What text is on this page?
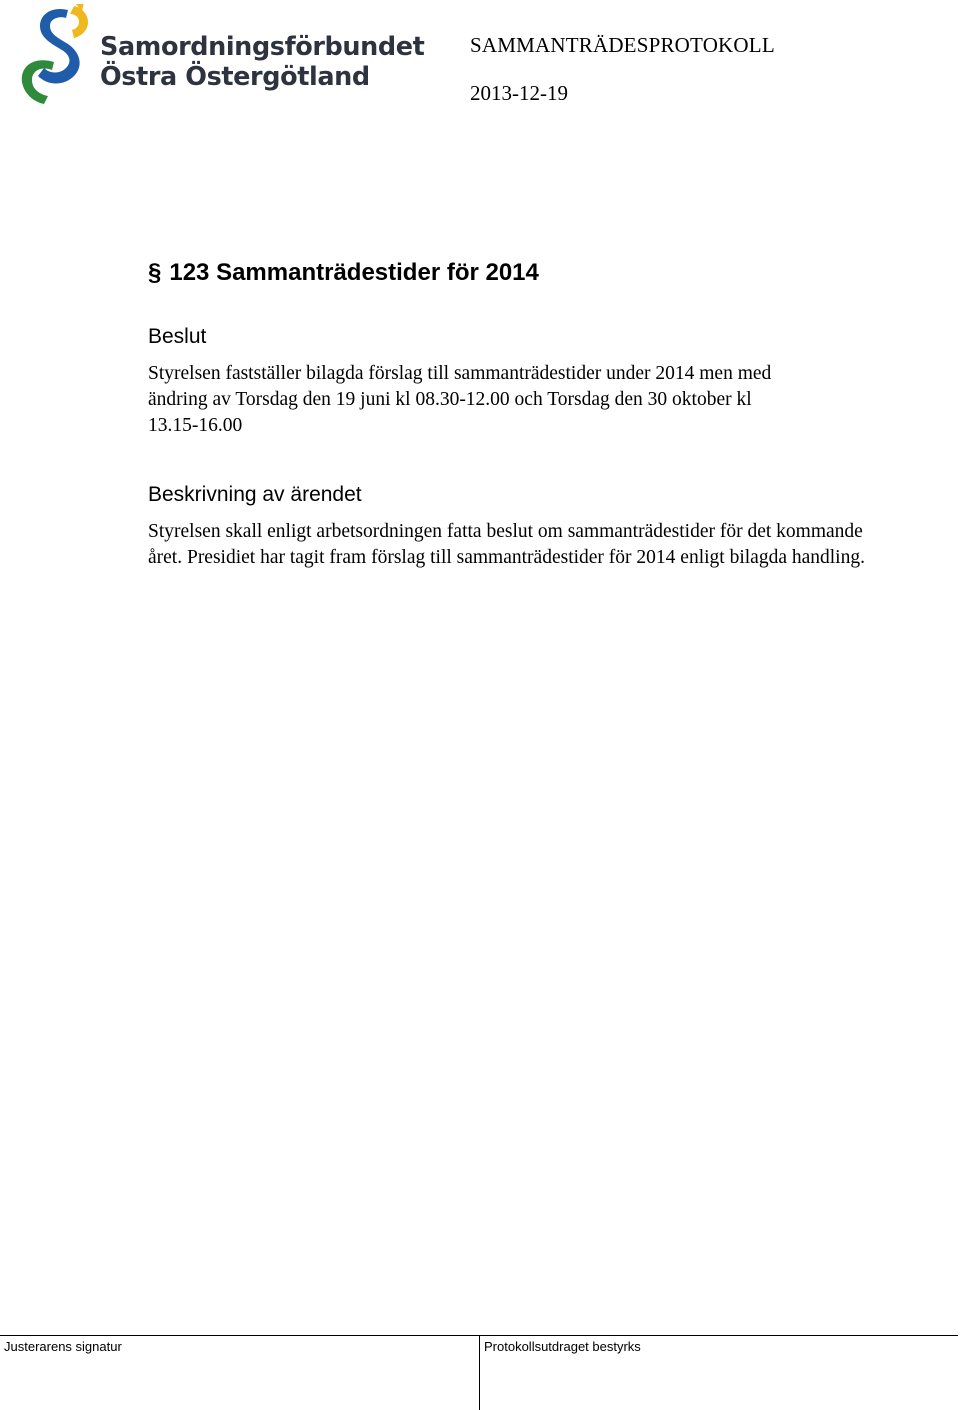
Samordningsförbundet
Östra Östergötland
SAMMANTRÄDESPROTOKOLL
2013-12-19
§ 123 Sammanträdestider för 2014
Beslut

Styrelsen fastställer bilagda förslag till sammanträdestider under 2014 men med
ändring av Torsdag den 19 juni kl 08.30-12.00 och Torsdag den 30 oktober kl
13.15-16.00

Beskrivning av ärendet

Styrelsen skall enligt arbetsordningen fatta beslut om sammanträdestider för det kommande
året. Presidiet har tagit fram förslag till sammanträdestider för 2014 enligt bilagda handling.

Justerarens signatur	Protokollsutdraget bestyrks
